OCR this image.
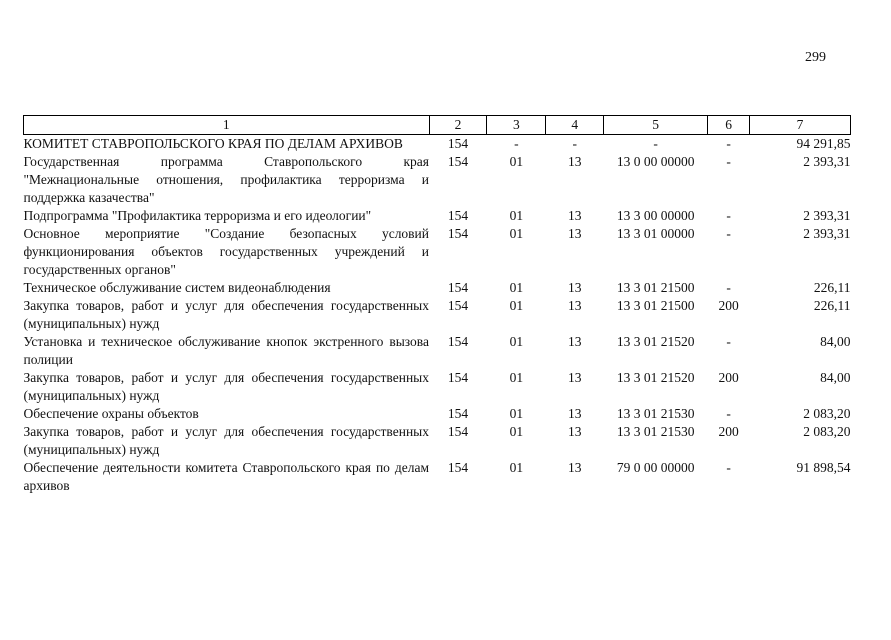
299
1	2	3	4	5	6	7
КОМИТЕТ СТАВРОПОЛЬСКОГО КРАЯ ПО ДЕЛАМ АРХИВОВ	154	-	-	-	-	94 291,85
Государственная программа Ставропольского края "Межнациональные отношения, профилактика терроризма и поддержка казачества"	154	01	13	13 0 00 00000	-	2 393,31
Подпрограмма "Профилактика терроризма и его идеологии"	154	01	13	13 3 00 00000	-	2 393,31
Основное мероприятие "Создание безопасных условий функционирования объектов государственных учреждений и государственных органов"	154	01	13	13 3 01 00000	-	2 393,31
Техническое обслуживание систем видеонаблюдения	154	01	13	13 3 01 21500	-	226,11
Закупка товаров, работ и услуг для обеспечения государственных (муниципальных) нужд	154	01	13	13 3 01 21500	200	226,11
Установка и техническое обслуживание кнопок экстренного вызова полиции	154	01	13	13 3 01 21520	-	84,00
Закупка товаров, работ и услуг для обеспечения государственных (муниципальных) нужд	154	01	13	13 3 01 21520	200	84,00
Обеспечение охраны объектов	154	01	13	13 3 01 21530	-	2 083,20
Закупка товаров, работ и услуг для обеспечения государственных (муниципальных) нужд	154	01	13	13 3 01 21530	200	2 083,20
Обеспечение деятельности комитета Ставропольского края по делам архивов	154	01	13	79 0 00 00000	-	91 898,54
